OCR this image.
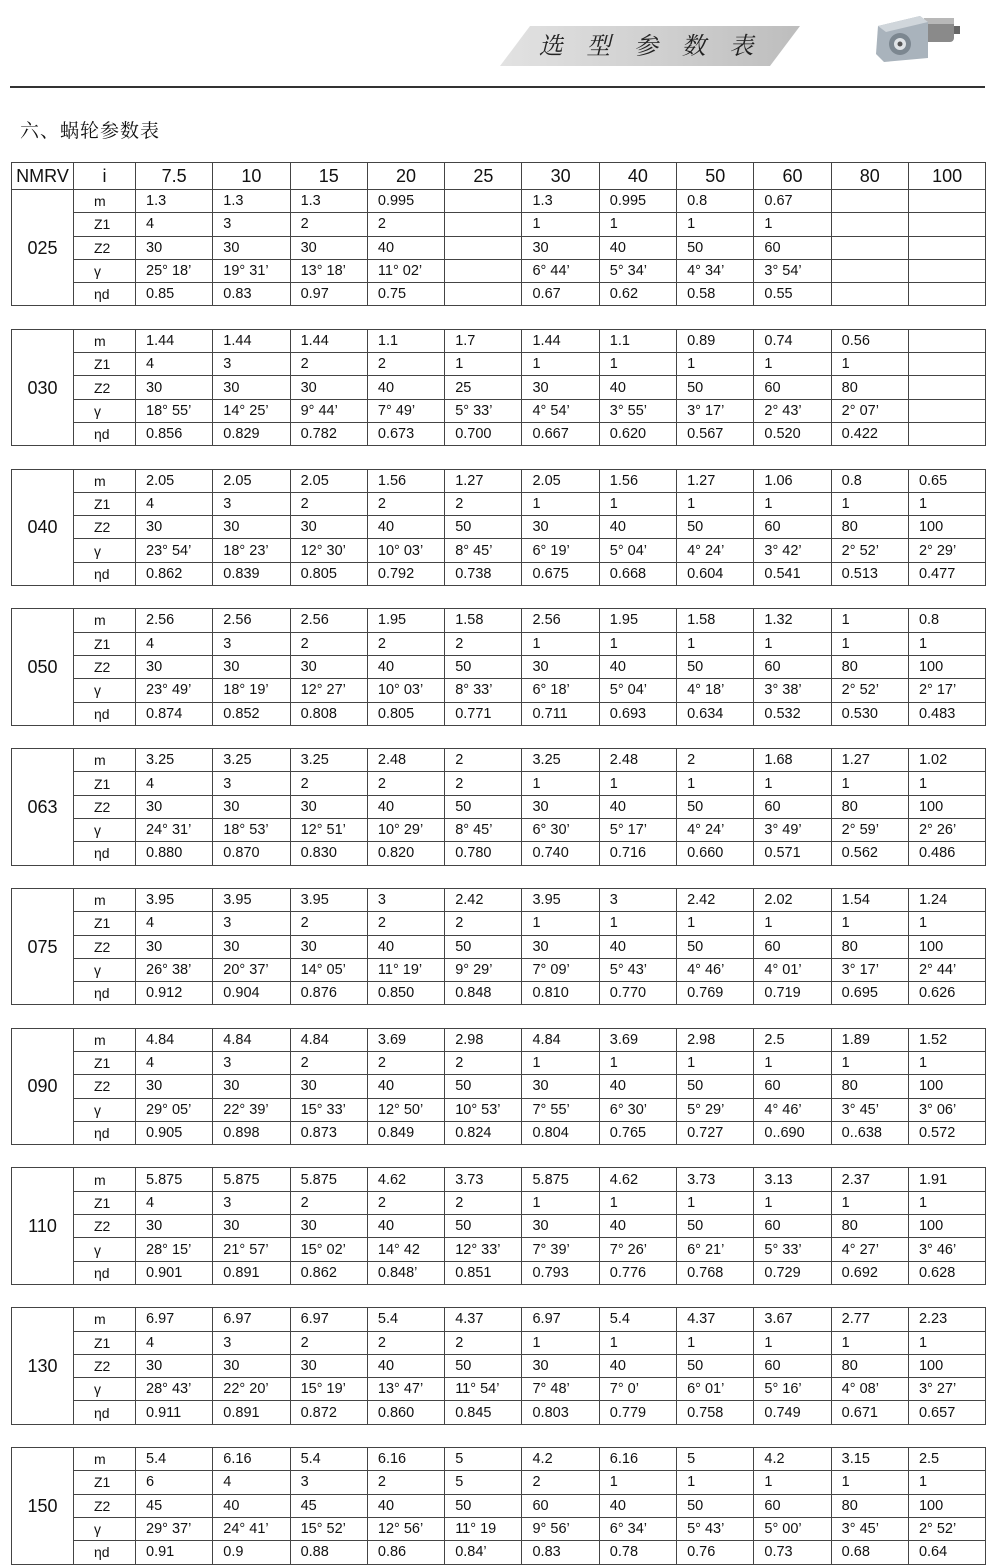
选 型 参 数 表
六、蜗轮参数表
NMRV	i	7.5	10	15	20	25	30	40	50	60	80	100
025	m	1.3	1.3	1.3	0.995		1.3	0.995	0.8	0.67		
	Z1	4	3	2	2		1	1	1	1		
	Z2	30	30	30	40		30	40	50	60		
	γ	25° 18’	19° 31’	13° 18’	11° 02’		6° 44’	5° 34’	4° 34’	3° 54’		
	ηd	0.85	0.83	0.97	0.75		0.67	0.62	0.58	0.55		

030	m	1.44	1.44	1.44	1.1	1.7	1.44	1.1	0.89	0.74	0.56	
	Z1	4	3	2	2	1	1	1	1	1	1	
	Z2	30	30	30	40	25	30	40	50	60	80	
	γ	18° 55’	14° 25’	9° 44’	7° 49’	5° 33’	4° 54’	3° 55’	3° 17’	2° 43’	2° 07’	
	ηd	0.856	0.829	0.782	0.673	0.700	0.667	0.620	0.567	0.520	0.422	

040	m	2.05	2.05	2.05	1.56	1.27	2.05	1.56	1.27	1.06	0.8	0.65
	Z1	4	3	2	2	2	1	1	1	1	1	1
	Z2	30	30	30	40	50	30	40	50	60	80	100
	γ	23° 54’	18° 23’	12° 30’	10° 03’	8° 45’	6° 19’	5° 04’	4° 24’	3° 42’	2° 52’	2° 29’
	ηd	0.862	0.839	0.805	0.792	0.738	0.675	0.668	0.604	0.541	0.513	0.477

050	m	2.56	2.56	2.56	1.95	1.58	2.56	1.95	1.58	1.32	1	0.8
	Z1	4	3	2	2	2	1	1	1	1	1	1
	Z2	30	30	30	40	50	30	40	50	60	80	100
	γ	23° 49’	18° 19’	12° 27’	10° 03’	8° 33’	6° 18’	5° 04’	4° 18’	3° 38’	2° 52’	2° 17’
	ηd	0.874	0.852	0.808	0.805	0.771	0.711	0.693	0.634	0.532	0.530	0.483

063	m	3.25	3.25	3.25	2.48	2	3.25	2.48	2	1.68	1.27	1.02
	Z1	4	3	2	2	2	1	1	1	1	1	1
	Z2	30	30	30	40	50	30	40	50	60	80	100
	γ	24° 31’	18° 53’	12° 51’	10° 29’	8° 45’	6° 30’	5° 17’	4° 24’	3° 49’	2° 59’	2° 26’
	ηd	0.880	0.870	0.830	0.820	0.780	0.740	0.716	0.660	0.571	0.562	0.486

075	m	3.95	3.95	3.95	3	2.42	3.95	3	2.42	2.02	1.54	1.24
	Z1	4	3	2	2	2	1	1	1	1	1	1
	Z2	30	30	30	40	50	30	40	50	60	80	100
	γ	26° 38’	20° 37’	14° 05’	11° 19’	9° 29’	7° 09’	5° 43’	4° 46’	4° 01’	3° 17’	2° 44’
	ηd	0.912	0.904	0.876	0.850	0.848	0.810	0.770	0.769	0.719	0.695	0.626

090	m	4.84	4.84	4.84	3.69	2.98	4.84	3.69	2.98	2.5	1.89	1.52
	Z1	4	3	2	2	2	1	1	1	1	1	1
	Z2	30	30	30	40	50	30	40	50	60	80	100
	γ	29° 05’	22° 39’	15° 33’	12° 50’	10° 53’	7° 55’	6° 30’	5° 29’	4° 46’	3° 45’	3° 06’
	ηd	0.905	0.898	0.873	0.849	0.824	0.804	0.765	0.727	0..690	0..638	0.572

110	m	5.875	5.875	5.875	4.62	3.73	5.875	4.62	3.73	3.13	2.37	1.91
	Z1	4	3	2	2	2	1	1	1	1	1	1
	Z2	30	30	30	40	50	30	40	50	60	80	100
	γ	28° 15’	21° 57’	15° 02’	14° 42	12° 33’	7° 39’	7° 26’	6° 21’	5° 33’	4° 27’	3° 46’
	ηd	0.901	0.891	0.862	0.848’	0.851	0.793	0.776	0.768	0.729	0.692	0.628

130	m	6.97	6.97	6.97	5.4	4.37	6.97	5.4	4.37	3.67	2.77	2.23
	Z1	4	3	2	2	2	1	1	1	1	1	1
	Z2	30	30	30	40	50	30	40	50	60	80	100
	γ	28° 43’	22° 20’	15° 19’	13° 47’	11° 54’	7° 48’	7° 0’	6° 01’	5° 16’	4° 08’	3° 27’
	ηd	0.911	0.891	0.872	0.860	0.845	0.803	0.779	0.758	0.749	0.671	0.657

150	m	5.4	6.16	5.4	6.16	5	4.2	6.16	5	4.2	3.15	2.5
	Z1	6	4	3	2	5	2	1	1	1	1	1
	Z2	45	40	45	40	50	60	40	50	60	80	100
	γ	29° 37’	24° 41’	15° 52’	12° 56’	11° 19	9° 56’	6° 34’	5° 43’	5° 00’	3° 45’	2° 52’
	ηd	0.91	0.9	0.88	0.86	0.84’	0.83	0.78	0.76	0.73	0.68	0.64
